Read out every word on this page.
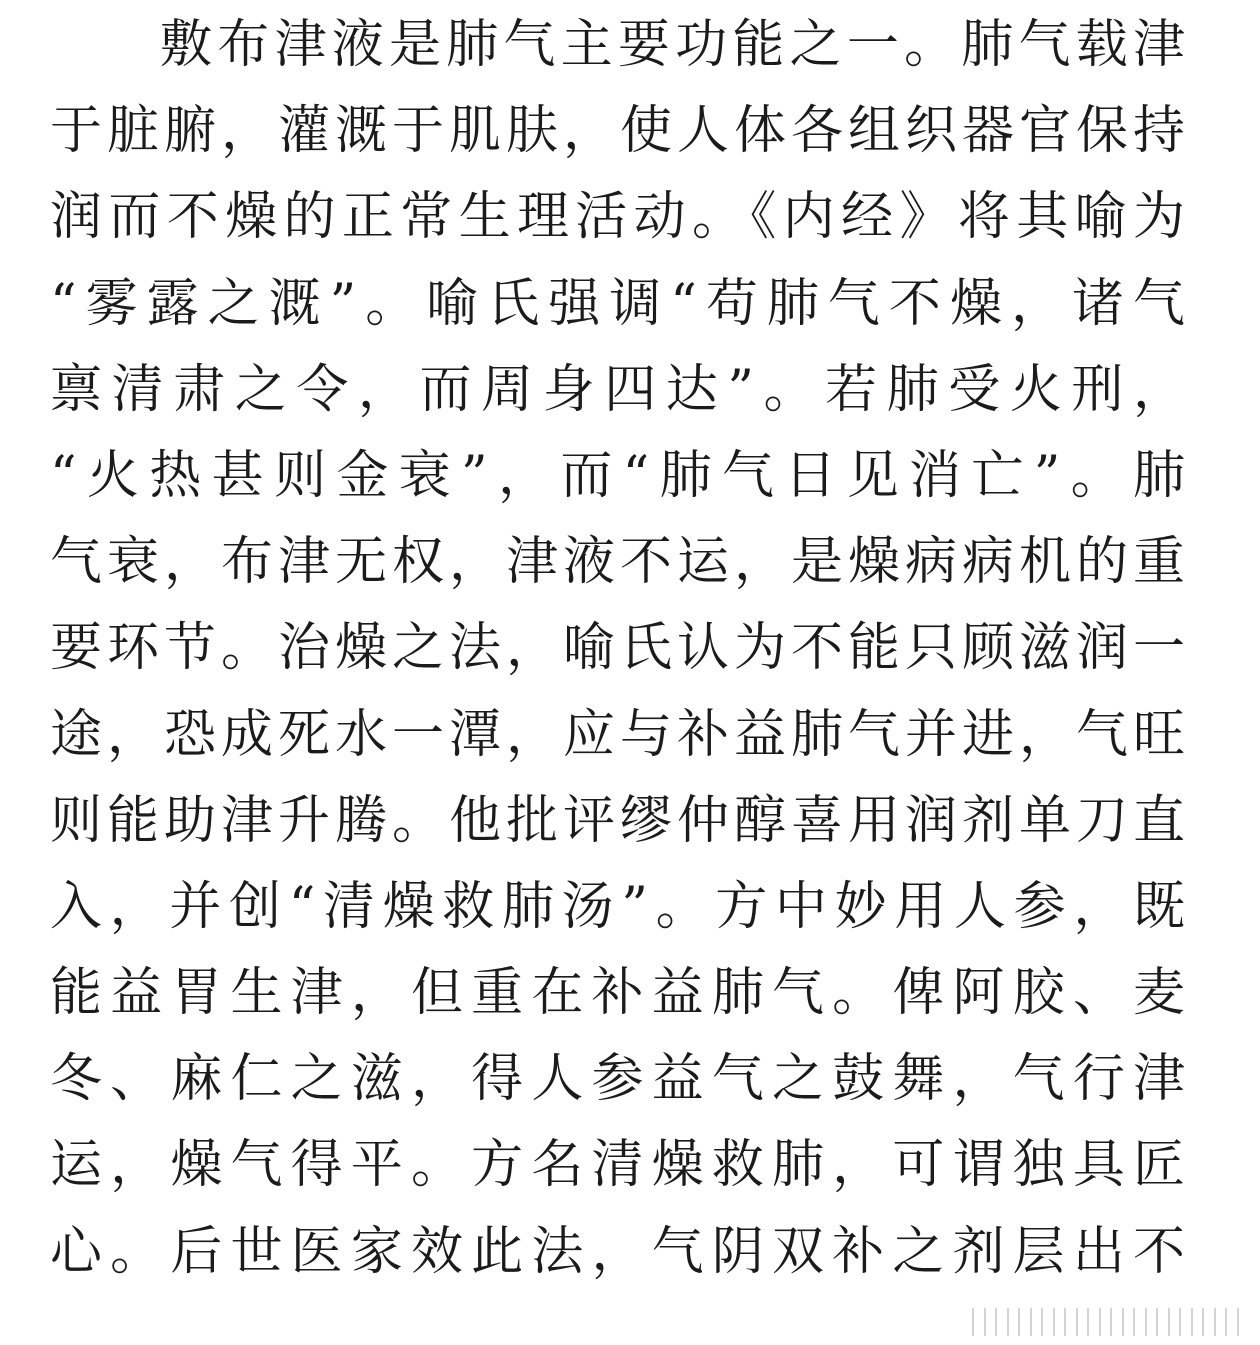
敷布津液是肺气主要功能之一。肺气载津
于脏腑，灌溉于肌肤，使人体各组织器官保持
润而不燥的正常生理活动。《内经》将其喻为
“雾露之溉”。喻氏强调“苟肺气不燥，诸气
禀清肃之令，而周身四达”。若肺受火刑，
“火热甚则金衰”，而“肺气日见消亡”。肺
气衰，布津无权，津液不运，是燥病病机的重
要环节。治燥之法，喻氏认为不能只顾滋润一
途，恐成死水一潭，应与补益肺气并进，气旺
则能助津升腾。他批评缪仲醇喜用润剂单刀直
入，并创“清燥救肺汤”。方中妙用人参，既
能益胃生津，但重在补益肺气。俾阿胶、麦
冬、麻仁之滋，得人参益气之鼓舞，气行津
运，燥气得平。方名清燥救肺，可谓独具匠
心。后世医家效此法，气阴双补之剂层出不
